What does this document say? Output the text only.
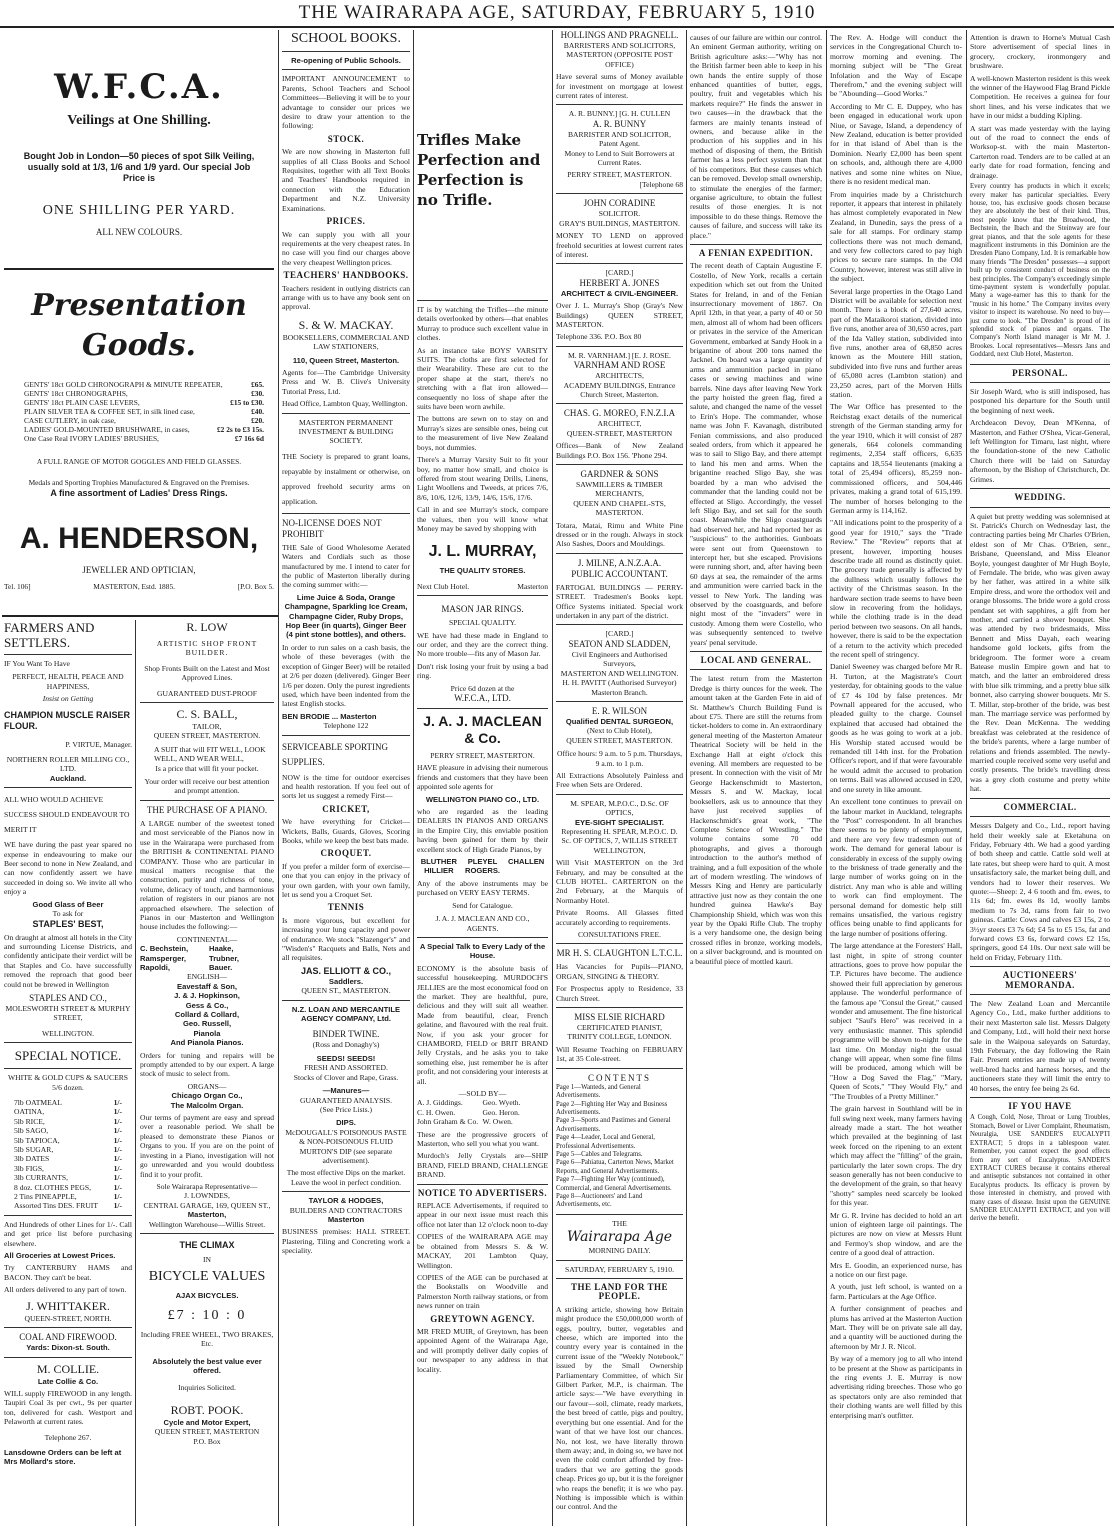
THE WAIRARAPA AGE, SATURDAY, FEBRUARY 5, 1910
W.F.C.A.
Veilings at One Shilling.
Bought Job in London—50 pieces of spot Silk Veiling, usually sold at 1/3, 1/6 and 1/9 yard. Our special Job Price is
ONE SHILLING PER YARD.
ALL NEW COLOURS.
Presentation Goods.
GENTS' 18ct GOLD CHRONOGRAPH & MINUTE REPEATER,	£65.
GENTS' 18ct CHRONOGRAPHS,	£30.
GENTS' 18ct PLAIN CASE LEVERS,	£15 to £30.
PLAIN SILVER TEA & COFFEE SET, in silk lined case,	£40.
CASE CUTLERY, in oak case,	£20.
LADIES' GOLD-MOUNTED BRUSHWARE, in cases,	£2 2s to £3 15s.
One Case Real IVORY LADIES' BRUSHES,	£7 16s 6d
A FULL RANGE OF MOTOR GOGGLES AND FIELD GLASSES.
Medals and Sporting Trophies Manufactured & Engraved on the Premises.
A fine assortment of Ladies' Dress Rings.
A. HENDERSON,
JEWELLER AND OPTICIAN,
Tel. 106]	MASTERTON, Estd. 1885.	[P.O. Box 5.
FARMERS AND SETTLERS.
IF You Want To Have
PERFECT, HEALTH, PEACE AND HAPPINESS,
Insist on Getting
CHAMPION MUSCLE RAISER FLOUR.
P. VIRTUE, Manager.
NORTHERN ROLLER MILLING CO., LTD.
Auckland.
ALL WHO WOULD ACHIEVE SUCCESS SHOULD ENDEAVOUR TO MERIT IT
WE have during the past year spared no expense in endeavouring to make our Beer second to none in New Zealand, and can now confidently assert we have succeeded in doing so. We invite all who enjoy a
Good Glass of Beer
To ask for
STAPLES' BEST,
On draught at almost all hotels in the City and surrounding License Districts, and confidently anticipate their verdict will be that Staples and Co. have successfully removed the reproach that good beer could not be brewed in Wellington
STAPLES AND CO.,
MOLESWORTH STREET & MURPHY STREET,
WELLINGTON.
SPECIAL NOTICE.
WHITE & GOLD CUPS & SAUCERS 5/6 dozen.
7lb OATMEAL	1/-
OATINA,	1/-
5lb RICE,	1/-
5lb SAGO,	1/-
5lb TAPIOCA,	1/-
5lb SUGAR,	1/-
3lb DATES	1/-
3lb FIGS,	1/-
3lb CURRANTS,	1/-
8 doz. CLOTHES PEGS,	1/-
2 Tins PINEAPPLE,	1/-
Assorted Tins DES. FRUIT 1/-
And Hundreds of other Lines for 1/-. Call and get price list before purchasing elsewhere.
All Groceries at Lowest Prices.
Try CANTERBURY HAMS and BACON. They can't be beat.
All orders delivered to any part of town.
J. WHITTAKER.
QUEEN-STREET, NORTH.
COAL AND FIREWOOD.
Yards: Dixon-st. South.
M. COLLIE.
Late Collie & Co.
WILL supply FIREWOOD in any length. Taupiri Coal 3s per cwt., 9s per quarter ton, delivered for cash. Westport and Pelaworth at current rates.
Telephone 267.
Lansdowne Orders can be left at Mrs Mollard's store.
R. LOW
ARTISTIC SHOP FRONT BUILDER.
Shop Fronts Built on the Latest and Most Approved Lines.
GUARANTEED DUST-PROOF
C. S. BALL,
TAILOR,
QUEEN STREET, MASTERTON.
A SUIT that will FIT WELL, LOOK WELL, AND WEAR WELL,
Is a price that will fit your pocket.
Your order will receive our best attention and prompt attention.
THE PURCHASE OF A PIANO.
A LARGE number of the sweetest toned and most serviceable of the Pianos now in use in the Wairarapa were purchased from the BRITISH & CONTINENTAL PIANO COMPANY. Those who are particular in musical matters recognise that the construction, purity and richness of tone, volume, delicacy of touch, and harmonious relation of registers in our pianos are not approached elsewhere. The selection of Pianos in our Masterton and Wellington house includes the following:—
CONTINENTAL—
C. Bechstein,	Haake,
Ramsperger,	Trubner,
Rapoldi,	Bauer.
ENGLISH—
Eavestaff & Son,
J. & J. Hopkinson,
Gess & Co.,
Collard & Collard,
Geo. Russell,
Pianola
And Pianola Pianos.
Orders for tuning and repairs will be promptly attended to by our expert. A large stock of music to select from.
ORGANS—
Chicago Organ Co.,
The Malcolm Organ.
Our terms of payment are easy and spread over a reasonable period. We shall be pleased to demonstrate these Pianos or Organs to you. If you are on the point of investing in a Piano, investigation will not go unrewarded and you would doubtless find it to your profit.
Sole Wairarapa Representative—
J. LOWNDES,
CENTRAL GARAGE, 169, QUEEN ST.,
Masterton,
Wellington Warehouse—Willis Street.
THE CLIMAX
IN
BICYCLE VALUES
AJAX BICYCLES.
£7 : 10 : 0
Including FREE WHEEL, TWO BRAKES, Etc.
Absolutely the best value ever offered.
Inquiries Solicited.
ROBT. POOK.
Cycle and Motor Expert,
QUEEN STREET, MASTERTON
P.O. Box
SCHOOL BOOKS.
Re-opening of Public Schools.
IMPORTANT ANNOUNCEMENT to Parents, School Teachers and School Committees—Believing it will be to your advantage to consider our prices we desire to draw your attention to the following:
STOCK.
We are now showing in Masterton full supplies of all Class Books and School Requisites, together with all Text Books and Teachers' Handbooks required in connection with the Education Department and N.Z. University Examinations.
PRICES.
We can supply you with all your requirements at the very cheapest rates. In no case will you find our charges above the very cheapest Wellington prices.
TEACHERS' HANDBOOKS.
Teachers resident in outlying districts can arrange with us to have any book sent on approval.
S. & W. MACKAY.
BOOKSELLERS, COMMERCIAL AND LAW STATIONERS,
110, Queen Street, Masterton.
Agents for—The Cambridge University Press and W. B. Clive's University Tutorial Press, Ltd.
Head Office, Lambton Quay, Wellington.
MASTERTON PERMANENT INVESTMENT & BUILDING SOCIETY.
THE Society is prepared to grant loans, repayable by instalment or otherwise, on approved freehold security arms on application.
NO-LICENSE DOES NOT PROHIBIT
THE Sale of Good Wholesome Aerated Waters and Cordials such as those manufactured by me. I intend to cater for the public of Masterton liberally during the coming summer with:—
Lime Juice & Soda, Orange Champagne, Sparkling Ice Cream, Champagne Cider, Ruby Drops, Hop Beer (in quarts), Ginger Beer (4 pint stone bottles), and others.
In order to run sales on a cash basis, the whole of these beverages (with the exception of Ginger Beer) will be retailed at 2/6 per dozen (delivered). Ginger Beer 1/6 per dozen. Only the purest ingredients used, which have been indented from the latest English stocks.
BEN BRODIE ... Masterton
Telephone 122
SERVICEABLE SPORTING SUPPLIES.
NOW is the time for outdoor exercises and health restoration. If you feel out of sorts let us suggest a remedy First—
CRICKET,
We have everything for Cricket—Wickets, Balls, Guards, Gloves, Scoring Books, while we keep the best bats made.
CROQUET.
If you prefer a milder form of exercise—one that you can enjoy in the privacy of your own garden, with your own family, let us send you a Croquet Set.
TENNIS
Is more vigorous, but excellent for increasing your lung capacity and power of endurance. We stock "Slazenger's" and "Wisden's" Racquets and Balls, Nets and all requisites.
JAS. ELLIOTT & CO.,
Saddlers.
QUEEN ST., MASTERTON.
N.Z. LOAN AND MERCANTILE AGENCY COMPANY, Ltd.
BINDER TWINE.
(Ross and Donaghy's)
SEEDS! SEEDS!
FRESH AND ASSORTED.
Stocks of Clover and Rape, Grass.
—Manures—
GUARANTEED ANALYSIS.
(See Price Lists.)
DIPS.
McDOUGALL'S POISONOUS PASTE & NON-POISONOUS FLUID
MURTON'S DIP (see separate advertisement).
The most effective Dips on the market. Leave the wool in perfect condition.
TAYLOR & HODGES,
BUILDERS AND CONTRACTORS
Masterton
BUSINESS premises: HALL STREET. Plastering, Tiling and Concreting work a speciality.
Trifles Make Perfection and Perfection is no Trifle.
IT is by watching the Trifles—the minute details overlooked by others—that enables Murray to produce such excellent value in clothes.
As an instance take BOYS' VARSITY SUITS. The cloths are first selected for their Wearability. These are cut to the proper shape at the start, there's no stretching with a flat iron allowed—consequently no loss of shape after the suits have been worn awhile.
The buttons are sewn on to stay on and Murray's sizes are sensible ones, being cut to the measurement of live New Zealand boys, not dummies.
There's a Murray Varsity Suit to fit your boy, no matter how small, and choice is offered from stout wearing Drills, Linens, Light Woollens and Tweeds, at prices 7/6, 8/6, 10/6, 12/6, 13/9, 14/6, 15/6, 17/6.
Call in and see Murray's stock, compare the values, then you will know what Money may be saved by shopping with
J. L. MURRAY,
THE QUALITY STORES.
Next Club Hotel.	Masterton
MASON JAR RINGS.
SPECIAL QUALITY.
WE have had these made in England to our order, and they are the correct thing. No more trouble—fits any of Mason Jar.
Don't risk losing your fruit by using a bad ring.
Price 6d dozen at the
W.F.C.A., LTD.
J. A. J. MACLEAN & Co.
PERRY STREET, MASTERTON.
HAVE pleasure in advising their numerous friends and customers that they have been appointed sole agents for
WELLINGTON PIANO CO., LTD.
who are regarded as the leading DEALERS IN PIANOS AND ORGANS in the Empire City, this enviable position having been gained for them by their excellent stock of High Grade Pianos, by
BLUTHER	PLEYEL	CHALLEN
HILLIER	ROGERS.
Any of the above instruments may be purchased on VERY EASY TERMS.
Send for Catalogue.
J. A. J. MACLEAN AND CO.,
AGENTS.
A Special Talk to Every Lady of the House.
ECONOMY is the absolute basis of successful housekeeping. MURDOCH'S JELLIES are the most economical food on the market. They are healthful, pure, delicious and they will suit all weather. Made from beautiful, clear, French gelatine, and flavoured with the real fruit. Now, if you ask your grocer for CHAMBORD, FIELD or BRIT BRAND Jelly Crystals, and he asks you to take something else, just remember he is after profit, and not considering your interests at all.
—SOLD BY—
A. J. Giddings.	Geo. Wyeth.
C. H. Owen.	Geo. Heron.
John Graham & Co. W. Owen.
These are the progressive grocers of Masterton, who sell you what you want.
Murdoch's Jelly Crystals are—SHIP BRAND, FIELD BRAND, CHALLENGE BRAND.
NOTICE TO ADVERTISERS.
REPLACE Advertisements, if required to appear in our next issue must reach this office not later than 12 o'clock noon to-day
COPIES of the WAIRARAPA AGE may be obtained from Messrs S. & W. MACKAY, 201 Lambton Quay, Wellington.
COPIES of the AGE can be purchased at the Bookstalls on Woodville and Palmerston North railway stations, or from news runner on train
GREYTOWN AGENCY.
MR FRED MUIR, of Greytown, has been appointed Agent of the Wairarapa Age, and will promptly deliver daily copies of our newspaper to any address in that locality.
HOLLINGS AND PRAGNELL.
BARRISTERS AND SOLICITORS,
MASTERTON (OPPOSITE POST OFFICE)
Have several sums of Money available for investment on mortgage at lowest current rates of interest.
A. R. BUNNY.] [G. H. CULLEN
A. R. BUNNY
BARRISTER AND SOLICITOR,
Patent Agent.
Money to Lend to Suit Borrowers at Current Rates.
PERRY STREET, MASTERTON.
[Telephone 68
JOHN CORADINE
SOLICITOR.
GRAY'S BUILDINGS, MASTERTON.
MONEY TO LEND on approved freehold securities at lowest current rates of interest.
[CARD.]
HERBERT A. JONES
ARCHITECT & CIVIL-ENGINEER.
Over J. L. Murray's Shop (Gray's New Buildings) QUEEN STREET, MASTERTON.
Telephone 336. P.O. Box 80
M. R. VARNHAM.] [E. J. ROSE.
VARNHAM AND ROSE
ARCHITECTS,
ACADEMY BUILDINGS, Entrance Church Street, Masterton.
CHAS. G. MOREO, F.N.Z.I.A
ARCHITECT,
QUEEN-STREET, MASTERTON
Offices—Bank of New Zealand Buildings P.O. Box 156. 'Phone 294.
GARDNER & SONS
SAWMILLERS & TIMBER MERCHANTS,
QUEEN AND CHAPEL-STS, MASTERTON.
Totara, Matai, Rimu and White Pine dressed or in the rough. Always in stock Also Sashes, Doors and Mouldings.
J. MILNE, A.N.Z.A.A.
PUBLIC ACCOUNTANT.
FARTOGAL BUILDINGS — PERRY-STREET. Tradesmen's Books kept. Office Systems initiated. Special work undertaken in any part of the district.
[CARD.]
SEATON AND SLADDEN,
Civil Engineers and Authorised Surveyors,
MASTERTON AND WELLINGTON.
H. H. PAVITT (Authorised Surveyor) Masterton Branch.
E. R. WILSON
Qualified DENTAL SURGEON,
(Next to Club Hotel),
QUEEN STREET, MASTERTON.
Office hours: 9 a.m. to 5 p.m. Thursdays, 9 a.m. to 1 p.m.
All Extractions Absolutely Painless and Free when Sets are Ordered.
M. SPEAR, M.P.O.C., D.Sc. OF OPTICS,
EYE-SIGHT SPECIALIST.
Representing H. SPEAR, M.P.O.C. D. Sc. OF OPTICS, 7, WILLIS STREET WELLINGTON,
Will Visit MASTERTON on the 3rd February, and may be consulted at the CLUB HOTEL. CARTERTON on the 2nd February, at the Marquis of Normanby Hotel.
Private Rooms. All Glasses fitted accurately according to requirements.
CONSULTATIONS FREE.
MR H. S. CLAUGHTON L.T.C.L.
Has Vacancies for Pupils—PIANO, ORGAN, SINGING & THEORY.
For Prospectus apply to Residence, 33 Church Street.
MISS ELSIE RICHARD
CERTIFICATED PIANIST,
TRINITY COLLEGE, LONDON.
Will Resume Teaching on FEBRUARY 1st, at 35 Cole-street.
CONTENTS
Page 1—Wanteds, and General Advertisements.
Page 2—Fighting Her Way and Business Advertisements.
Page 3—Sports and Pastimes and General Advertisements.
Page 4—Leader, Local and General, Professional Advertisements.
Page 5—Cables and Telegrams.
Page 6—Pahiatua, Carterton News, Market Reports, and General Advertisements.
Page 7—Fighting Her Way (continued), Commercial, and General Advertisements.
Page 8—Auctioneers' and Land Advertisements, etc.
THE
Wairarapa Age
MORNING DAILY.
SATURDAY, FEBRUARY 5, 1910.
THE LAND FOR THE PEOPLE.
A striking article, showing how Britain might produce the £50,000,000 worth of eggs, poultry, butter, vegetables and cheese, which are imported into the country every year is contained in the current issue of the "Weekly Notebook," issued by the Small Ownership Parliamentary Committee, of which Sir Gilbert Parker, M.P., is chairman. The article says:—"We have everything in our favour—soil, climate, ready markets, the best breed of cattle, pigs and poultry, everything but one essential. And for the want of that we have lost our chances. No, not lost, we have literally thrown them away; and, in doing so, we have not even the cold comfort afforded by free-traders that we are getting the goods cheap. Prices go up, but it is the foreigner who reaps the benefit; it is we who pay. Nothing is impossible which is within our control. And the
causes of our failure are within our control. An eminent German authority, writing on British agriculture asks:—"Why has not the British farmer been able to keep in his own hands the entire supply of those enhanced quantities of butter, eggs, poultry, fruit and vegetables which his markets require?" He finds the answer in two causes—in the drawback that the farmers are mainly tenants instead of owners, and because alike in the production of his supplies and in his method of disposing of them, the British farmer has a less perfect system than that of his competitors. But these causes which can be removed. Develop small ownership, to stimulate the energies of the farmer; organise agriculture, to obtain the fullest results of those energies. It is not impossible to do these things. Remove the causes of failure, and success will take its place."
A FENIAN EXPEDITION.
The recent death of Captain Augustine F. Costello, of New York, recalls a certain expedition which set out from the United States for Ireland, in and of the Fenian insurrectionary movement of 1867. On April 12th, in that year, a party of 40 or 50 men, almost all of whom had been officers or privates in the service of the American Government, embarked at Sandy Hook in a brigantine of about 200 tons named the Jacknel. On board was a large quantity of arms and ammunition packed in piano cases or sewing machines and wine barrels. Nine days after leaving New York the party hoisted the green flag, fired a salute, and changed the name of the vessel to Erin's Hope. The commander, whose name was John F. Kavanagh, distributed Fenian commissions, and also produced sealed orders, from which it appeared he was to sail to Sligo Bay, and there attempt to land his men and arms. When the brigantine reached Sligo Bay, she was boarded by a man who advised the commander that the landing could not be effected at Sligo. Accordingly, the vessel left Sligo Bay, and set sail for the south coast. Meanwhile the Sligo coastguards had observed her, and had reported her as "suspicious" to the authorities. Gunboats were sent out from Queenstown to intercept her, but she escaped. Provisions were running short, and, after having been 60 days at sea, the remainder of the arms and ammunition were carried back in the vessel to New York. The landing was observed by the coastguards, and before night most of the "invaders" were in custody. Among them were Costello, who was subsequently sentenced to twelve years' penal servitude.
LOCAL AND GENERAL.
The latest return from the Masterton Dredge is thirty ounces for the week. The amount taken at the Garden Fete in aid of St. Matthew's Church Building Fund is about £75. There are still the returns from ticket-holders to come in. An extraordinary general meeting of the Masterton Amateur Theatrical Society will be held in the Exchange Hall at eight o'clock this evening. All members are requested to be present. In connection with the visit of Mr George Hackenschmidt to Masterton, Messrs S. and W. Mackay, local booksellers, ask us to announce that they have just received supplies of Hackenschmidt's great work, "The Complete Science of Wrestling." The volume contains some 70 odd photographs, and gives a thorough introduction to the author's method of training, and a full exposition of the whole art of modern wrestling. The windows of Messrs King and Henry are particularly attractive just now as they contain the one hundred guinea Hawke's Bay Championship Shield, which was won this year by the Opaki Rifle Club. The trophy is a very handsome one, the design being crossed rifles in bronze, working models, on a silver background, and is mounted on a beautiful piece of mottled kauri.
The Rev. A. Hodge will conduct the services in the Congregational Church to-morrow morning and evening. The morning subject will be "The Great Infolation and the Way of Escape Therefrom," and the evening subject will be "Abounding—Good Works."
According to Mr C. E. Duppey, who has been engaged in educational work upon Niue, or Savage, Island, a dependency of New Zealand, education is better provided for in that island of Abel than is the Dominion. Nearly £2,000 has been spent on schools, and, although there are 4,000 natives and some nine whites on Niue, there is no resident medical man.
From inquiries made by a Christchurch reporter, it appears that interest in philately has almost completely evaporated in New Zealand, in Dunedin, says the press of a sale for all stamps. For ordinary stamp collections there was not much demand, and very few collectors cared to pay high prices to secure rare stamps. In the Old Country, however, interest was still alive in the subject.
Several large properties in the Otago Land District will be available for selection next month. There is a block of 27,640 acres, part of the Mataikoroi station, divided into five runs, another area of 30,650 acres, part of the Ida Valley station, subdivided into five runs, another area of 68,850 acres known as the Moutere Hill station, subdivided into five runs and further areas of 65,080 acres (Lambton station) and 23,250 acres, part of the Morven Hills station.
The War Office has presented to the Reichstag exact details of the numerical strength of the German standing army for the year 1910, which it will consist of 287 generals, 664 colonels commanding regiments, 2,354 staff officers, 6,635 captains and 18,554 lieutenants (making a total of 25,494 officers), 85,259 non-commissioned officers, and 504,446 privates, making a grand total of 615,199. The number of horses belonging to the German army is 114,162.
"All indications point to the prosperity of a good year for 1910," says the "Trade Review." The "Review" reports that at present, however, importing houses describe trade all round as distinctly quiet. The grocery trade generally is affected by the dullness which usually follows the activity of the Christmas season. In the hardware section trade seems to have been slow in recovering from the holidays, while the clothing trade is in the dead period between two seasons. On all hands, however, there is said to be the expectation of a return to the activity which preceded the recent spell of stringency.
Daniel Sweeney was charged before Mr R. H. Turton, at the Magistrate's Court yesterday, for obtaining goods to the value of £7 4s 10d by false pretences. Mr Pownall appeared for the accused, who pleaded guilty to the charge. Counsel explained that accused had obtained the goods as he was going to work at a job. His Worship stated accused would be remanded till 14th inst. for the Probation Officer's report, and if that were favourable he would admit the accused to probation on terms. Bail was allowed accused in £20, and one surety in like amount.
An excellent tone continues to prevail on the labour market in Auckland, telegraphs the "Post" correspondent. In all branches there seems to be plenty of employment, and there are very few tradesmen out of work. The demand for general labour is considerably in excess of the supply owing to the briskness of trade generally and the large number of works going on in the district. Any man who is able and willing to work can find employment. The personal demand for domestic help still remains unsatisfied, the various registry offices being unable to find applicants for the large number of positions offering.
The large attendance at the Foresters' Hall, last night, in spite of strong counter attractions, goes to prove how popular the T.P. Pictures have become. The audience showed their full appreciation by generous applause. The wonderful performance of the famous ape "Consul the Great," caused wonder and amusement. The fine historical subject "Saul's Hero" was received in a very enthusiastic manner. This splendid programme will be shown to-night for the last time. On Monday night the usual change will appear, when some fine films will be produced, among which will be "How a Dog Saved the Flag," "Mary, Queen of Scots," "They Would Fly," and "The Troubles of a Pretty Milliner."
The grain harvest in Southland will be in full swing next week, many farmers having already made a start. The hot weather which prevailed at the beginning of last week forced on the ripening to an extent which may affect the "filling" of the grain, particularly the later sown crops. The dry season generally has not been conducive to the development of the grain, so that heavy "shotty" samples need scarcely be looked for this year.
Mr G. R. Irvine has decided to hold an art union of eighteen large oil paintings. The pictures are now on view at Messrs Hunt and Fermoy's shop window, and are the centre of a good deal of attraction.
Mrs E. Goodin, an experienced nurse, has a notice on our first page.
A youth, just left school, is wanted on a farm. Particulars at the Age Office.
A further consignment of peaches and plums has arrived at the Masterton Auction Mart. They will be on private sale all day, and a quantity will be auctioned during the afternoon by Mr J. R. Nicol.
By way of a memory jog to all who intend to be present at the Show as participants in the ring events J. E. Murray is now advertising riding breeches. Those who go as spectators only are also reminded that their clothing wants are well filled by this enterprising man's outfitter.
Attention is drawn to Horne's Mutual Cash Store advertisement of special lines in grocery, crockery, ironmongery and brushware.
A well-known Masterton resident is this week the winner of the Haywood Flag Brand Pickle Competition. He receives a guinea for four short lines, and his verse indicates that we have in our midst a budding Kipling.
A start was made yesterday with the laying out of the road to connect the ends of Worksop-st. with the main Masterton-Carterton road. Tenders are to be called at an early date for road formation, fencing and drainage.
Every country has products in which it excels; every maker has particular specialties. Every house, too, has exclusive goods chosen because they are absolutely the best of their kind. Thus, most people know that the Broadwood, the Bechstein, the Ibach and the Steinway are four great pianos, and that the sole agents for these magnificent instruments in this Dominion are the Dresden Piano Company, Ltd. It is remarkable how many friends "The Dresden" possesses—a support built up by consistent conduct of business on the best principles. The Company's exceedingly simple time-payment system is wonderfully popular. Many a wage-earner has this to thank for the "music in his home." The Company invites every visitor to inspect its warehouse. No need to buy—just come to look. "The Dresden" is proud of its splendid stock of pianos and organs. The Company's North Island manager is Mr M. J. Brookes. Local representatives—Messrs Jans and Goddard, next Club Hotel, Masterton.
PERSONAL.
Sir Joseph Ward, who is still indisposed, has postponed his departure for the South until the beginning of next week.
Archdeacon Devoy, Dean M'Kenna, of Masterton, and Father O'Shea, Vicar-General, left Wellington for Timaru, last night, where the foundation-stone of the new Catholic Church there will be laid on Saturday afternoon, by the Bishop of Christchurch, Dr. Grimes.
WEDDING.
A quiet but pretty wedding was solemnised at St. Patrick's Church on Wednesday last, the contracting parties being Mr Charles O'Brien, eldest son of Mr Chas. O'Brien, senr., Brisbane, Queensland, and Miss Eleanor Boyle, youngest daughter of Mr Hugh Boyle, of Ferndale. The bride, who was given away by her father, was attired in a white silk Empire dress, and wore the orthodox veil and orange blossoms. The bride wore a gold cross pendant set with sapphires, a gift from her mother, and carried a shower bouquet. She was attended by two bridesmaids, Miss Bennett and Miss Dayah, each wearing handsome gold lockets, gifts from the bridegroom. The former wore a cream Batease muslin Empire gown and hat to match, and the latter an embroidered dress with blue silk trimming, and a pretty blue silk bonnet, also carrying shower bouquets. Mr S. T. Millar, step-brother of the bride, was best man. The marriage service was performed by the Rev. Dean McKenna. The wedding breakfast was celebrated at the residence of the bride's parents, where a large number of relations and friends assembled. The newly-married couple received some very useful and costly presents. The bride's travelling dress was a grey cloth costume and pretty white hat.
COMMERCIAL.
Messrs Dalgety and Co., Ltd., report having held their weekly sale at Eketahuna on Friday, February 4th. We had a good yarding of both sheep and cattle. Cattle sold well at late rates, but sheep were hard to quit. A most unsatisfactory sale, the market being dull, and vendors had to lower their reserves. We quote:—Sheep: 2, 4 6 tooth and fm. ewes, to 11s 6d; fm. ewes 8s 1d, woolly lambs medium to 7s 3d, rams from fair to two guineas. Cattle: Cows and calves £3 15s, 2 to 3½yr steers £3 7s 6d; £4 5s to £5 15s, fat and forward cows £3 6s, forward cows £2 15s, springers, good £4 10s. Our next sale will be held on Friday, February 11th.
AUCTIONEERS' MEMORANDA.
The New Zealand Loan and Mercantile Agency Co., Ltd., make further additions to their next Masterton sale list. Messrs Dalgety and Company, Ltd., will hold their next horse sale in the Waipoua saleyards on Saturday, 19th February, the day following the Rain Fair. Present entries are made up of twenty well-bred hacks and harness horses, and the auctioneers state they will limit the entry to 40 horses, the entry fee being 2s 6d.
IF YOU HAVE
A Cough, Cold, Nose, Throat or Lung Troubles, Stomach, Bowel or Liver Complaint, Rheumatism, Neuralgia, USE SANDER'S EUCALYPTI EXTRACT; 5 drops in a tablespoon water. Remember, you cannot expect the good effects from any sort of Eucalyptus. SANDER'S EXTRACT CURES because it contains ethereal and antiseptic substances not contained in other Eucalyptus products. Its efficacy is proven by those interested in chemistry, and proved with many cases of disease. Insist upon the GENUINE SANDER EUCALYPTI EXTRACT, and you will derive the benefit.
